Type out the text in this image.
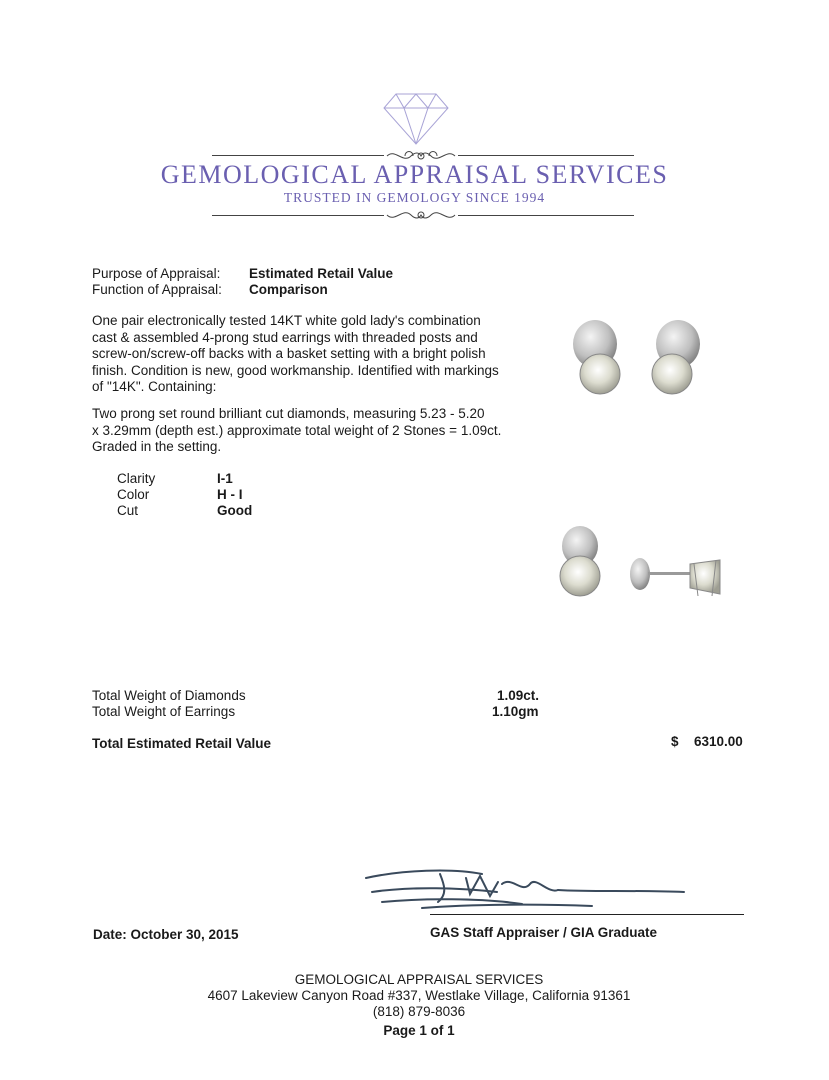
GEMOLOGICAL APPRAISAL SERVICES
TRUSTED IN GEMOLOGY SINCE 1994
Purpose of Appraisal: Estimated Retail Value
Function of Appraisal: Comparison
One pair electronically tested 14KT white gold lady's combination
cast & assembled 4-prong stud earrings with threaded posts and
screw-on/screw-off backs with a basket setting with a bright polish
finish. Condition is new, good workmanship. Identified with markings
of "14K". Containing:
Two prong set round brilliant cut diamonds, measuring 5.23 - 5.20
x 3.29mm (depth est.) approximate total weight of 2 Stones = 1.09ct.
Graded in the setting.
Clarity	I-1
Color	H - I
Cut	Good
Total Weight of Diamonds	1.09ct.
Total Weight of Earrings	1.10gm
Total Estimated Retail Value	$ 6310.00
Date: October 30, 2015	GAS Staff Appraiser / GIA Graduate
GEMOLOGICAL APPRAISAL SERVICES
4607 Lakeview Canyon Road #337, Westlake Village, California 91361
(818) 879-8036
Page 1 of 1
